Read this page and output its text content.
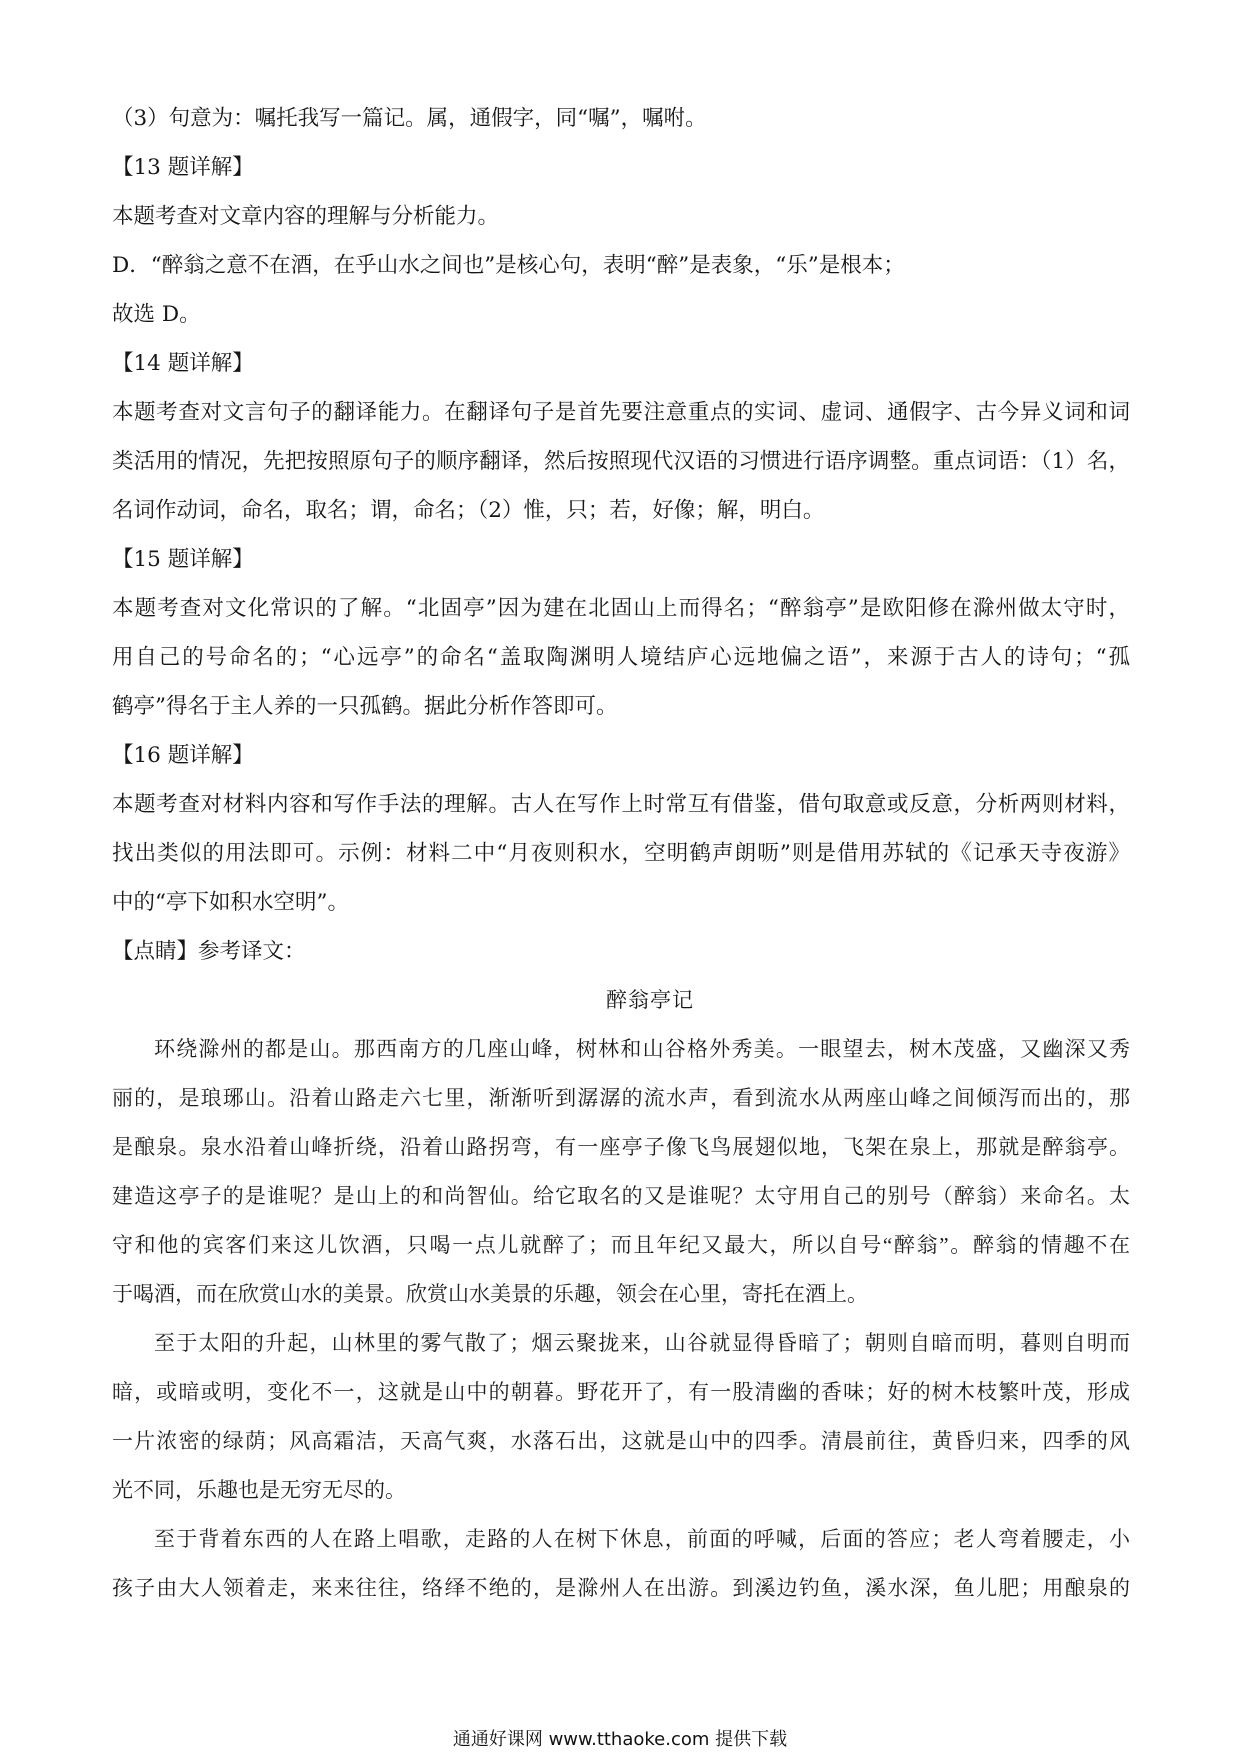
（3）句意为：嘱托我写一篇记。属，通假字，同“嘱”，嘱咐。
【13 题详解】
本题考查对文章内容的理解与分析能力。
D．“醉翁之意不在酒，在乎山水之间也”是核心句，表明“醉”是表象，“乐”是根本；
故选 D。
【14 题详解】
本题考查对文言句子的翻译能力。在翻译句子是首先要注意重点的实词、虚词、通假字、古今异义词和词
类活用的情况，先把按照原句子的顺序翻译，然后按照现代汉语的习惯进行语序调整。重点词语：（1）名，
名词作动词，命名，取名；谓，命名；（2）惟，只；若，好像；解，明白。
【15 题详解】
本题考查对文化常识的了解。“北固亭”因为建在北固山上而得名；“醉翁亭”是欧阳修在滁州做太守时，
用自己的号命名的；“心远亭”的命名“盖取陶渊明人境结庐心远地偏之语”，来源于古人的诗句；“孤
鹤亭”得名于主人养的一只孤鹤。据此分析作答即可。
【16 题详解】
本题考查对材料内容和写作手法的理解。古人在写作上时常互有借鉴，借句取意或反意，分析两则材料，
找出类似的用法即可。示例：材料二中“月夜则积水，空明鹤声朗呖”则是借用苏轼的《记承天寺夜游》
中的“亭下如积水空明”。
【点睛】参考译文：
醉翁亭记
环绕滁州的都是山。那西南方的几座山峰，树林和山谷格外秀美。一眼望去，树木茂盛，又幽深又秀
丽的，是琅琊山。沿着山路走六七里，渐渐听到潺潺的流水声，看到流水从两座山峰之间倾泻而出的，那
是酿泉。泉水沿着山峰折绕，沿着山路拐弯，有一座亭子像飞鸟展翅似地，飞架在泉上，那就是醉翁亭。
建造这亭子的是谁呢？是山上的和尚智仙。给它取名的又是谁呢？太守用自己的别号（醉翁）来命名。太
守和他的宾客们来这儿饮酒，只喝一点儿就醉了；而且年纪又最大，所以自号“醉翁”。醉翁的情趣不在
于喝酒，而在欣赏山水的美景。欣赏山水美景的乐趣，领会在心里，寄托在酒上。
至于太阳的升起，山林里的雾气散了；烟云聚拢来，山谷就显得昏暗了；朝则自暗而明，暮则自明而
暗，或暗或明，变化不一，这就是山中的朝暮。野花开了，有一股清幽的香味；好的树木枝繁叶茂，形成
一片浓密的绿荫；风高霜洁，天高气爽，水落石出，这就是山中的四季。清晨前往，黄昏归来，四季的风
光不同，乐趣也是无穷无尽的。
至于背着东西的人在路上唱歌，走路的人在树下休息，前面的呼喊，后面的答应；老人弯着腰走，小
孩子由大人领着走，来来往往，络绎不绝的，是滁州人在出游。到溪边钓鱼，溪水深，鱼儿肥；用酿泉的
通通好课网 www.tthaoke.com 提供下载
